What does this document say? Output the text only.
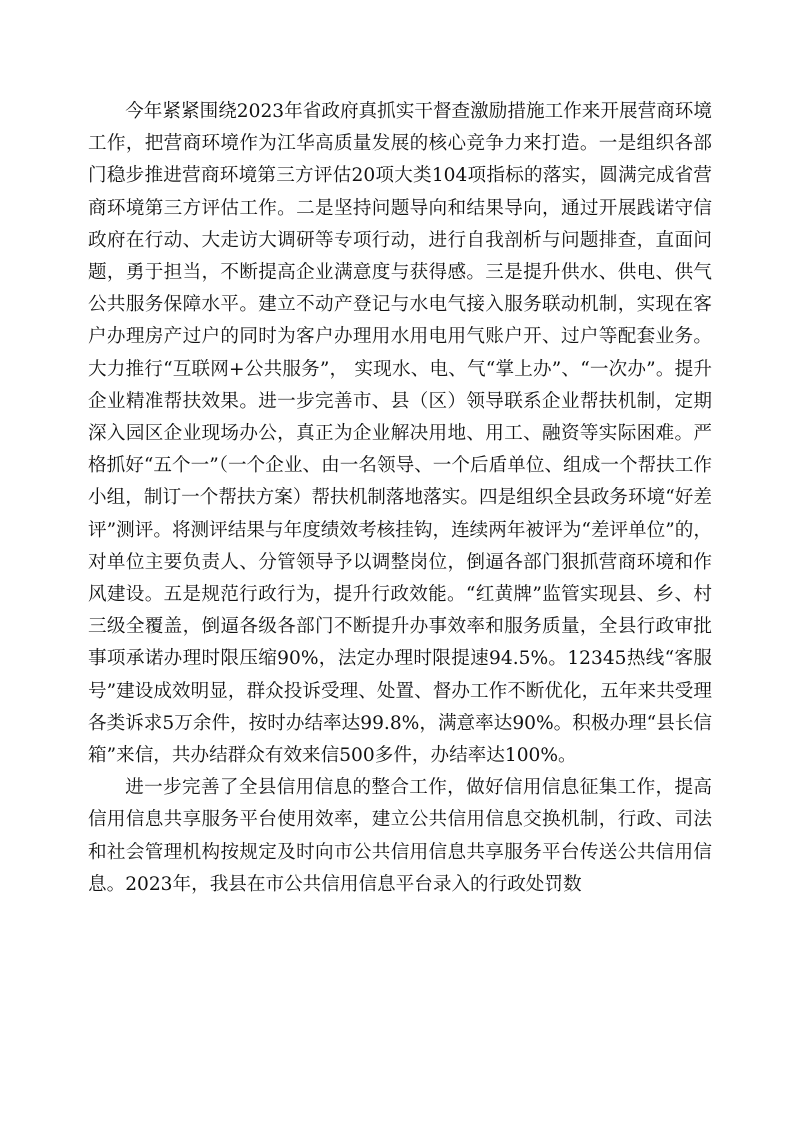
今年紧紧围绕2023年省政府真抓实干督查激励措施工作来开展营商环境工作，把营商环境作为江华高质量发展的核心竞争力来打造。一是组织各部门稳步推进营商环境第三方评估20项大类104项指标的落实，圆满完成省营商环境第三方评估工作。二是坚持问题导向和结果导向，通过开展践诺守信政府在行动、大走访大调研等专项行动，进行自我剖析与问题排查，直面问题，勇于担当，不断提高企业满意度与获得感。三是提升供水、供电、供气公共服务保障水平。建立不动产登记与水电气接入服务联动机制，实现在客户办理房产过户的同时为客户办理用水用电用气账户开、过户等配套业务。大力推行“互联网+公共服务”， 实现水、电、气“掌上办”、“一次办”。提升企业精准帮扶效果。进一步完善市、县（区）领导联系企业帮扶机制，定期深入园区企业现场办公，真正为企业解决用地、用工、融资等实际困难。严格抓好“五个一”（一个企业、由一名领导、一个后盾单位、组成一个帮扶工作小组，制订一个帮扶方案）帮扶机制落地落实。四是组织全县政务环境“好差评”测评。将测评结果与年度绩效考核挂钩，连续两年被评为“差评单位”的，对单位主要负责人、分管领导予以调整岗位，倒逼各部门狠抓营商环境和作风建设。五是规范行政行为，提升行政效能。“红黄牌”监管实现县、乡、村三级全覆盖，倒逼各级各部门不断提升办事效率和服务质量，全县行政审批事项承诺办理时限压缩90%，法定办理时限提速94.5%。12345热线“客服号”建设成效明显，群众投诉受理、处置、督办工作不断优化，五年来共受理各类诉求5万余件，按时办结率达99.8%，满意率达90%。积极办理“县长信箱”来信，共办结群众有效来信500多件，办结率达100%。

进一步完善了全县信用信息的整合工作，做好信用信息征集工作，提高信用信息共享服务平台使用效率，建立公共信用信息交换机制，行政、司法和社会管理机构按规定及时向市公共信用信息共享服务平台传送公共信用信息。2023年，我县在市公共信用信息平台录入的行政处罚数
